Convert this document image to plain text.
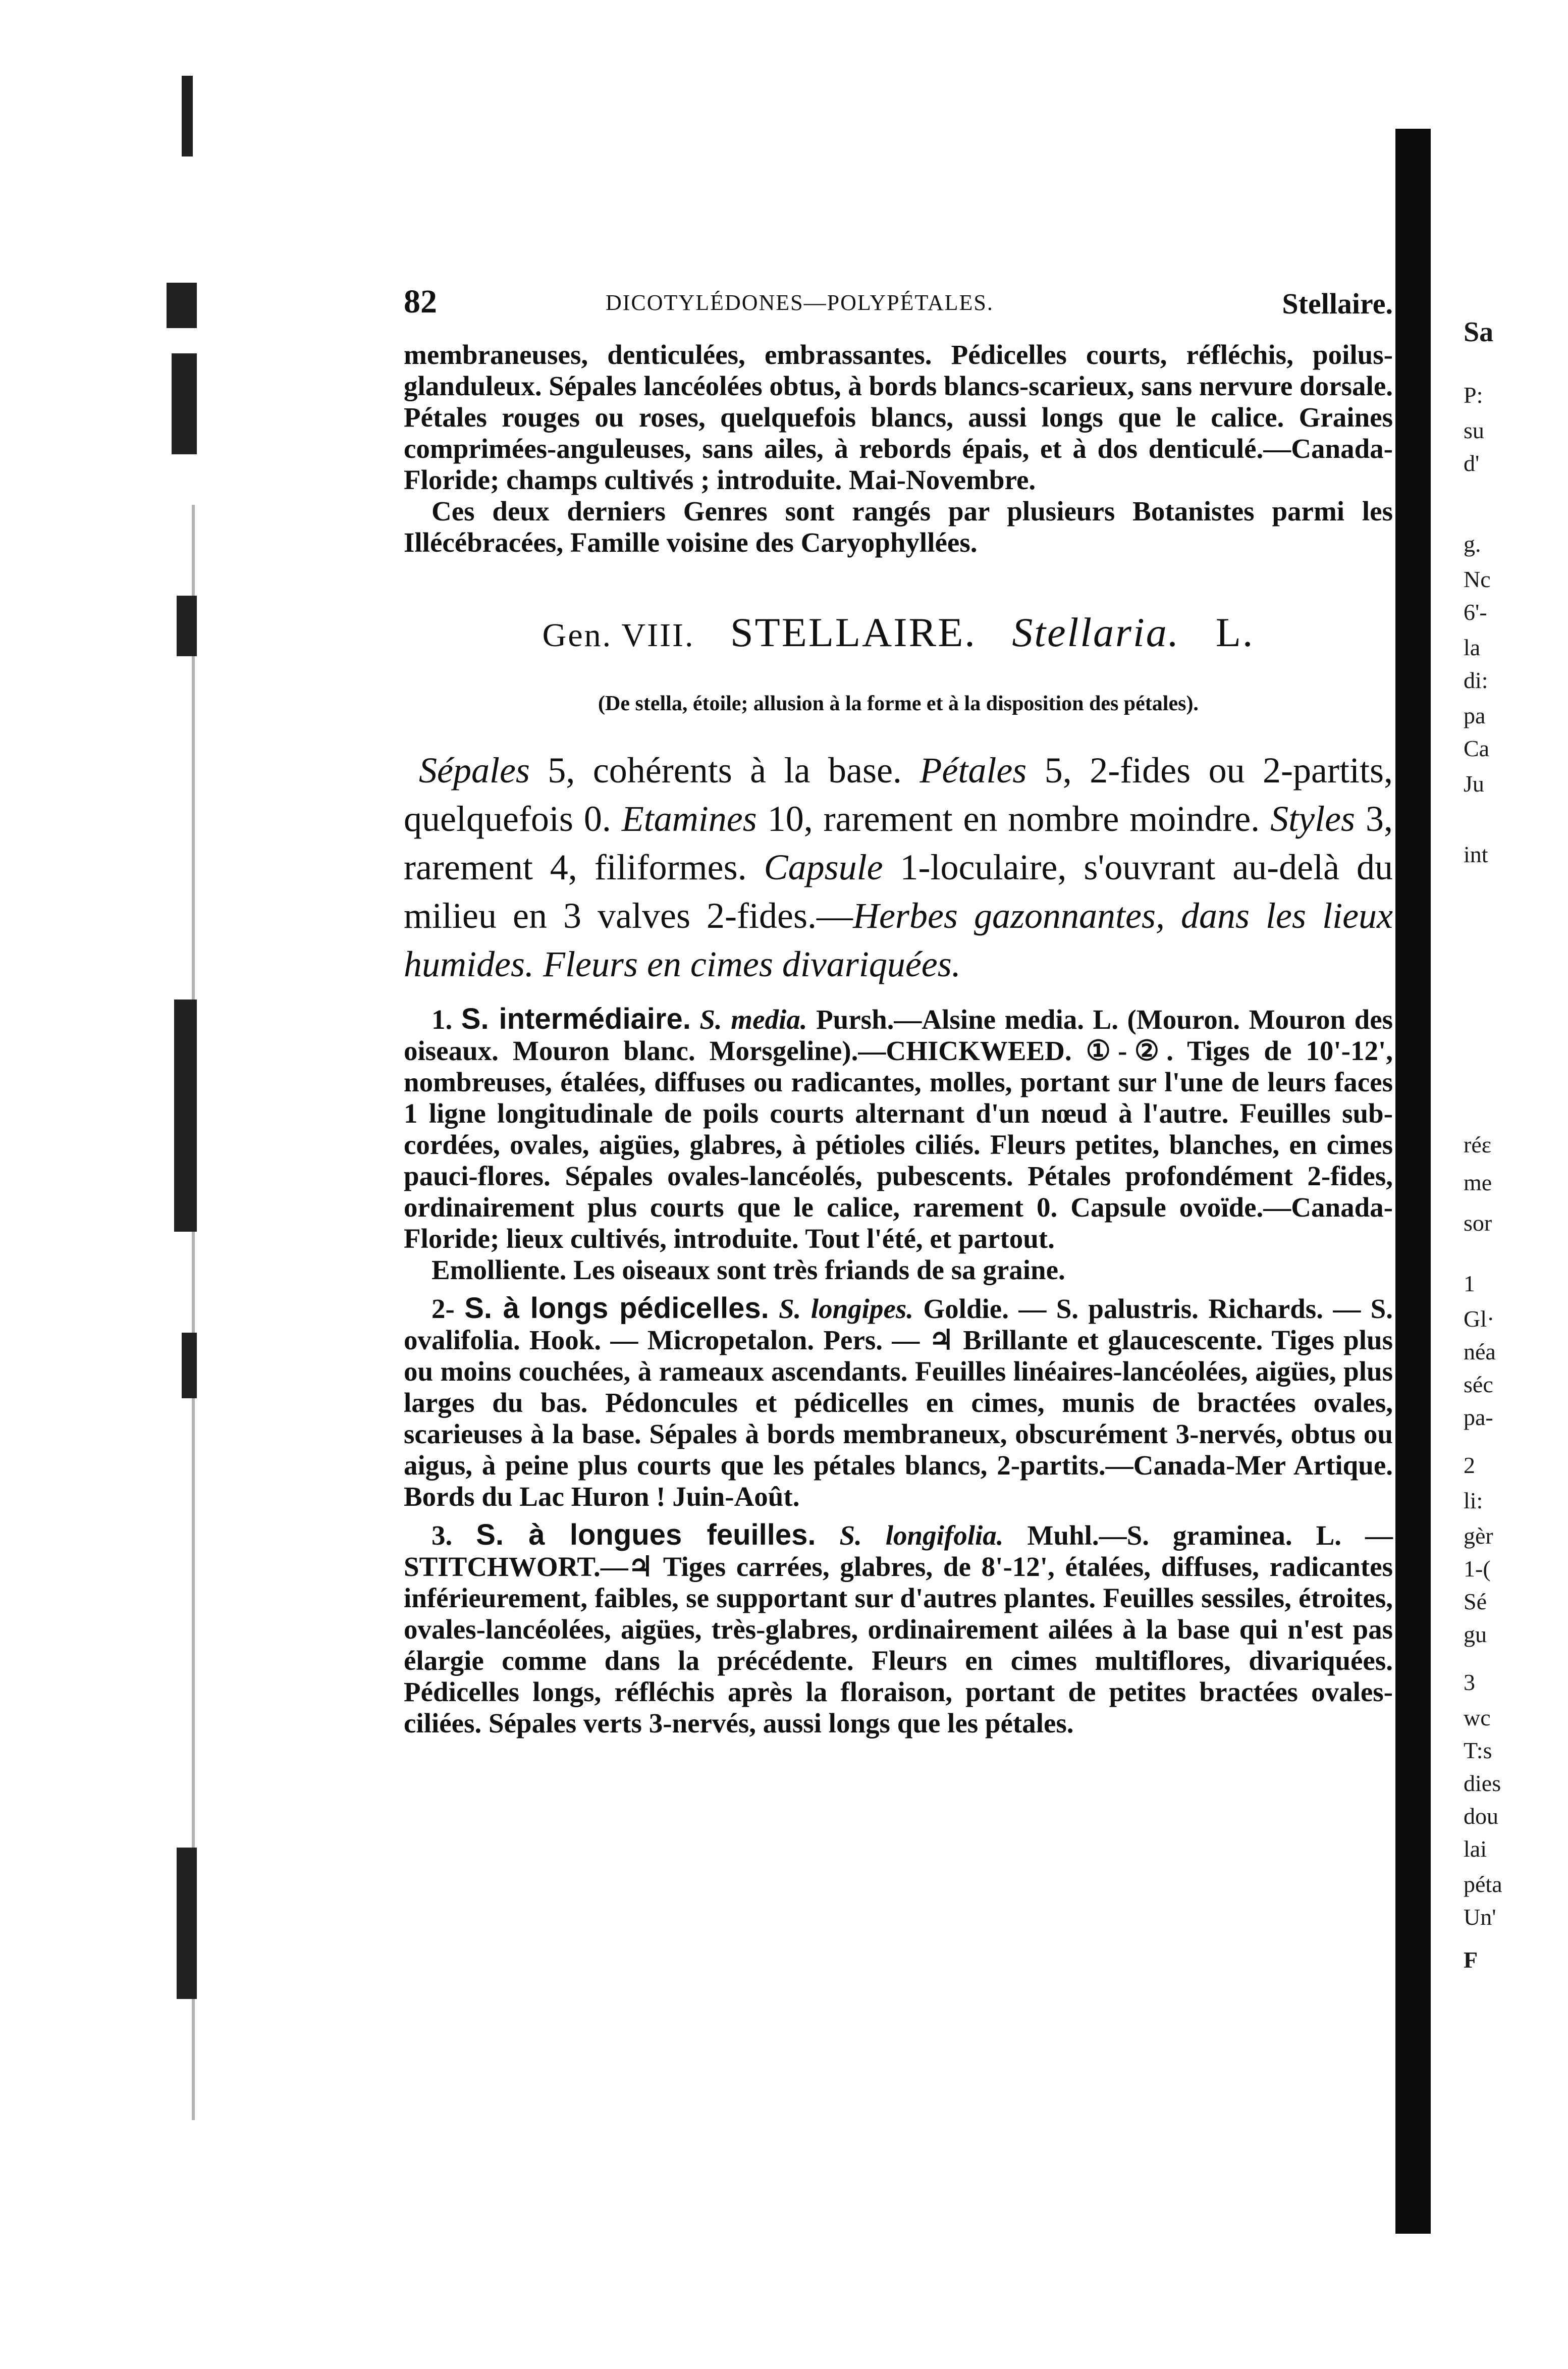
Sa
P:
su
d'
g.
Nc
6'-
la
di:
pa
Ca
Ju
int
réε
me
sor
1
Gl·
néa
séc
pa-
2
li:
gèr
1-(
Sé
gu
3
wc
T:s
dies
dou
lai
péta
Un'
F
82	DICOTYLÉDONES—POLYPÉTALES.	Stellaire.

membraneuses, denticulées, embrassantes. Pédicelles courts, réfléchis, poilus-glanduleux. Sépales lancéolées obtus, à bords blancs-scarieux, sans nervure dorsale. Pétales rouges ou roses, quelquefois blancs, aussi longs que le calice. Graines comprimées-anguleuses, sans ailes, à rebords épais, et à dos denticulé.—Canada-Floride; champs cultivés ; introduite. Mai-Novembre.

Ces deux derniers Genres sont rangés par plusieurs Botanistes parmi les Illécébracées, Famille voisine des Caryophyllées.

Gen. VIII. STELLAIRE. Stellaria. L.
(De stella, étoile; allusion à la forme et à la disposition des pétales).
Sépales 5, cohérents à la base. Pétales 5, 2-fides ou 2-partits, quelquefois 0. Etamines 10, rarement en nombre moindre. Styles 3, rarement 4, filiformes. Capsule 1-loculaire, s'ouvrant au-delà du milieu en 3 valves 2-fides.—Herbes gazonnantes, dans les lieux humides. Fleurs en cimes divariquées.

1. S. intermédiaire. S. media. Pursh.—Alsine media. L. (Mouron. Mouron des oiseaux. Mouron blanc. Morsgeline).—CHICKWEED. ①-②. Tiges de 10'-12', nombreuses, étalées, diffuses ou radicantes, molles, portant sur l'une de leurs faces 1 ligne longitudinale de poils courts alternant d'un nœud à l'autre. Feuilles sub-cordées, ovales, aigües, glabres, à pétioles ciliés. Fleurs petites, blanches, en cimes pauci-flores. Sépales ovales-lancéolés, pubescents. Pétales profondément 2-fides, ordinairement plus courts que le calice, rarement 0. Capsule ovoïde.—Canada-Floride; lieux cultivés, introduite. Tout l'été, et partout.

Emolliente. Les oiseaux sont très friands de sa graine.

2- S. à longs pédicelles. S. longipes. Goldie. — S. palustris. Richards. — S. ovalifolia. Hook. — Micropetalon. Pers. — ♃ Brillante et glaucescente. Tiges plus ou moins couchées, à rameaux ascendants. Feuilles linéaires-lancéolées, aigües, plus larges du bas. Pédoncules et pédicelles en cimes, munis de bractées ovales, scarieuses à la base. Sépales à bords membraneux, obscurément 3-nervés, obtus ou aigus, à peine plus courts que les pétales blancs, 2-partits.—Canada-Mer Artique. Bords du Lac Huron ! Juin-Août.

3. S. à longues feuilles. S. longifolia. Muhl.—S. graminea. L. —STITCHWORT.—♃ Tiges carrées, glabres, de 8'-12', étalées, diffuses, radicantes inférieurement, faibles, se supportant sur d'autres plantes. Feuilles sessiles, étroites, ovales-lancéolées, aigües, très-glabres, ordinairement ailées à la base qui n'est pas élargie comme dans la précédente. Fleurs en cimes multiflores, divariquées. Pédicelles longs, réfléchis après la floraison, portant de petites bractées ovales-ciliées. Sépales verts 3-nervés, aussi longs que les pétales.
